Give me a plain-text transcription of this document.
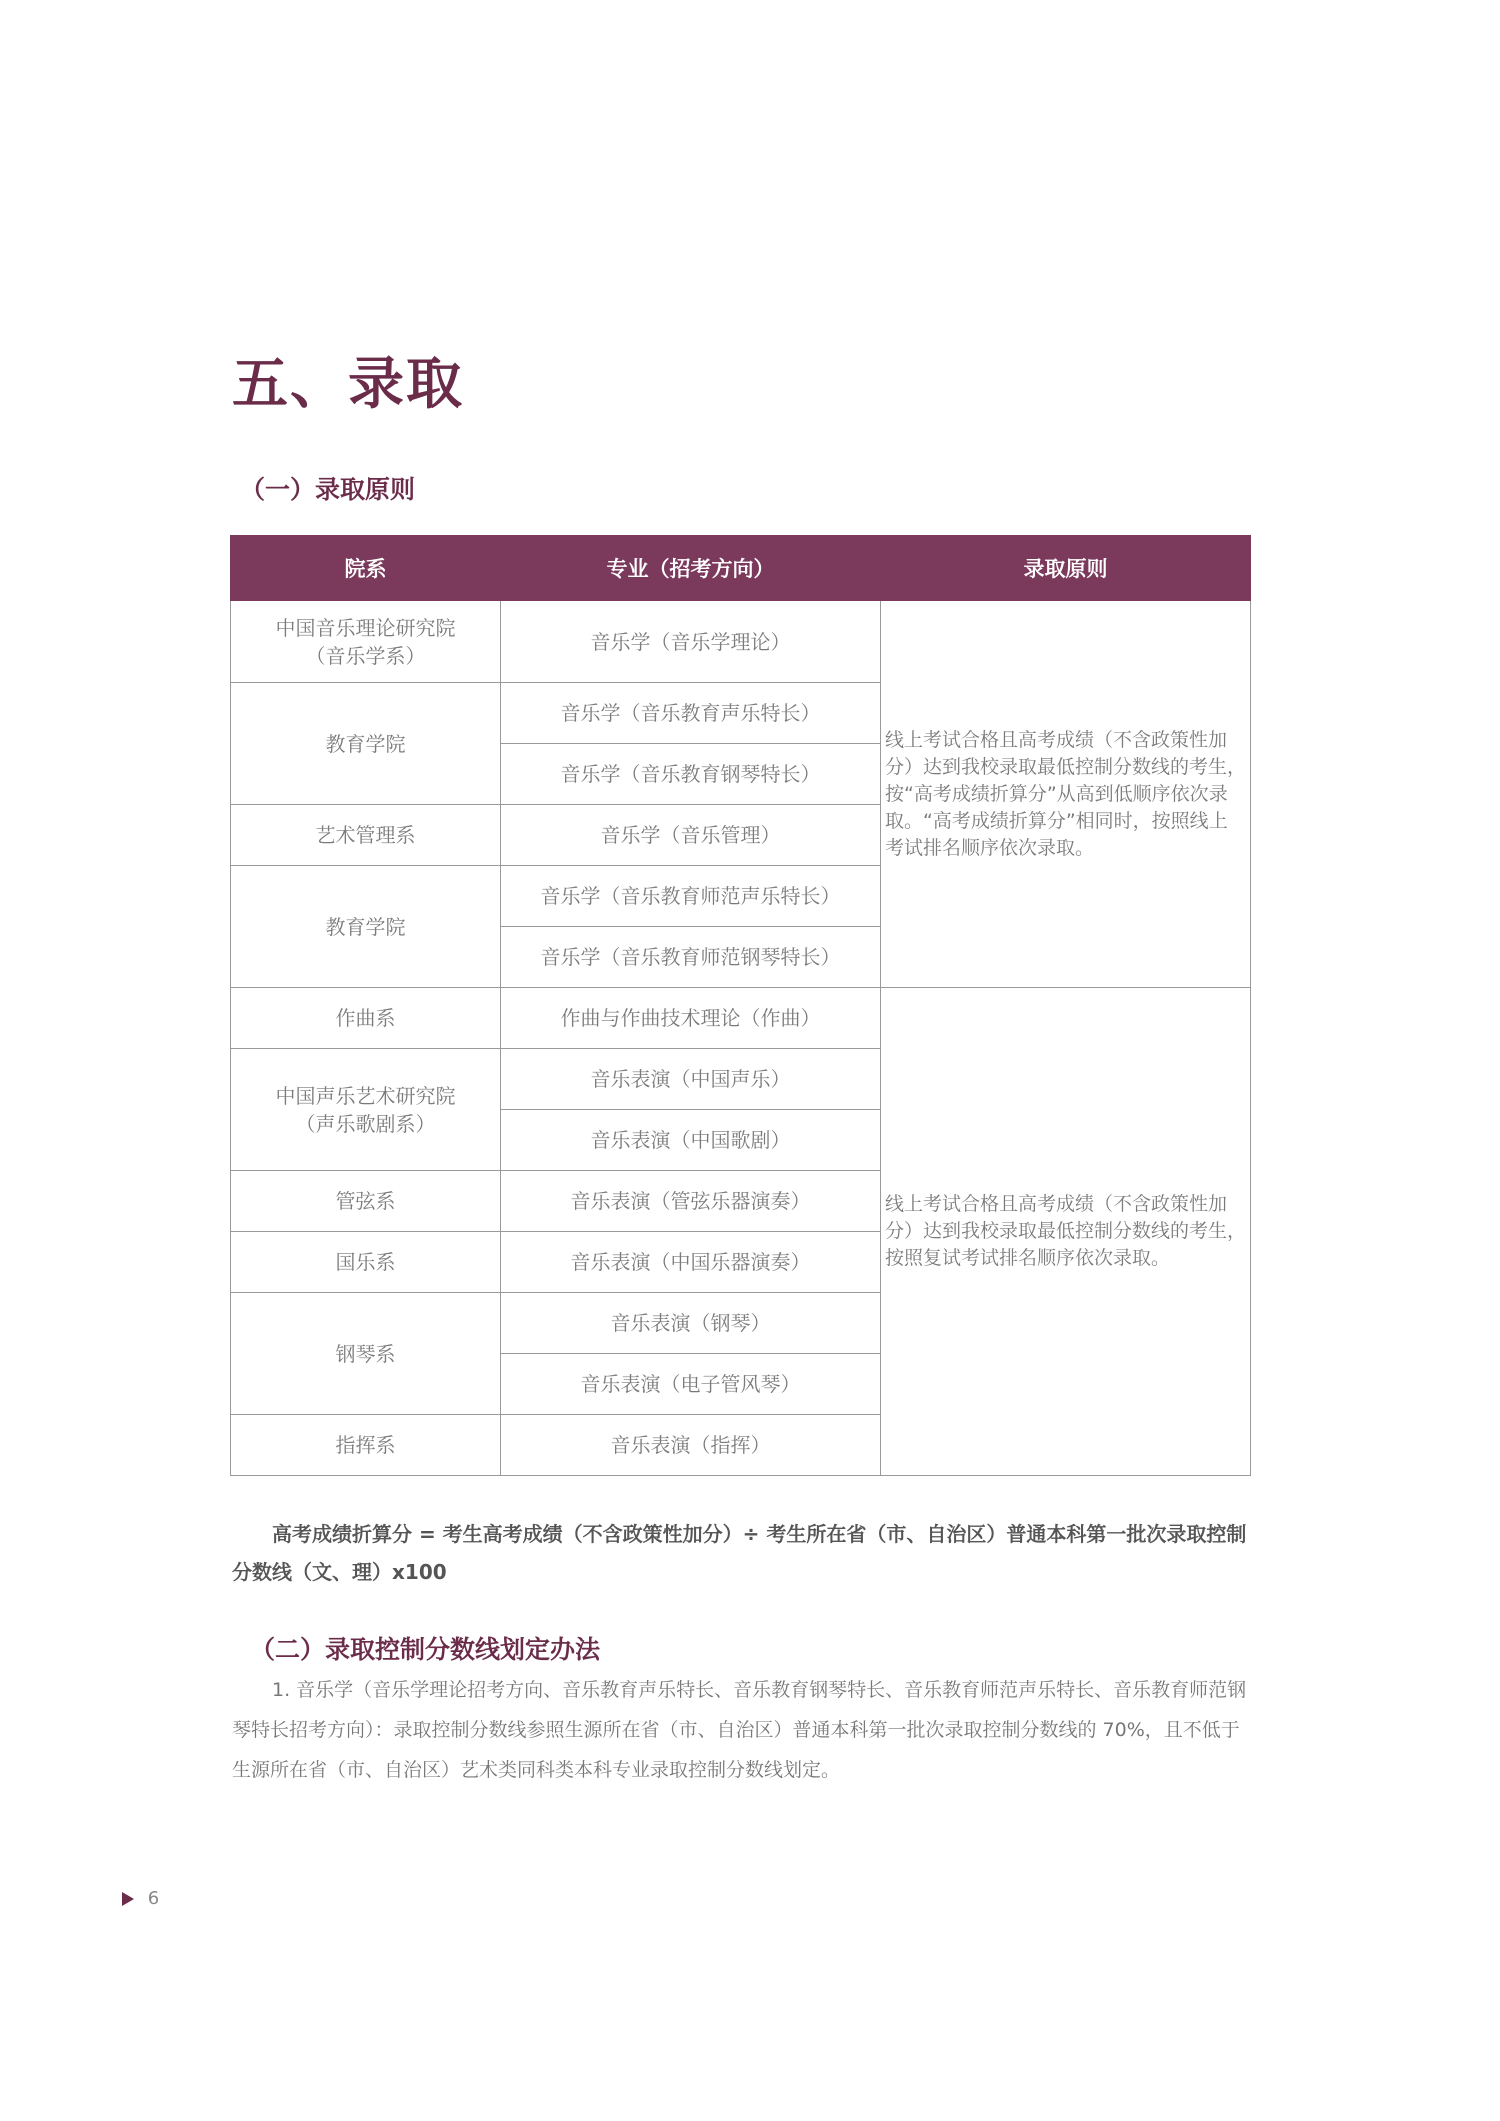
五、录取
（一）录取原则
院系	专业（招考方向）	录取原则

中国音乐理论研究院
（音乐学系）	音乐学（音乐学理论）	线上考试合格且高考成绩（不含政策性加分）达到我校录取最低控制分数线的考生，按“高考成绩折算分”从高到低顺序依次录取。“高考成绩折算分”相同时，按照线上考试排名顺序依次录取。
教育学院	音乐学（音乐教育声乐特长）	
	音乐学（音乐教育钢琴特长）	
艺术管理系	音乐学（音乐管理）	
教育学院	音乐学（音乐教育师范声乐特长）	
	音乐学（音乐教育师范钢琴特长）	
作曲系	作曲与作曲技术理论（作曲）	线上考试合格且高考成绩（不含政策性加分）达到我校录取最低控制分数线的考生，按照复试考试排名顺序依次录取。

中国声乐艺术研究院
（声乐歌剧系）	音乐表演（中国声乐）	
	音乐表演（中国歌剧）	
管弦系	音乐表演（管弦乐器演奏）	
国乐系	音乐表演（中国乐器演奏）	
钢琴系	音乐表演（钢琴）	
	音乐表演（电子管风琴）	
指挥系	音乐表演（指挥）	

高考成绩折算分 = 考生高考成绩（不含政策性加分）÷ 考生所在省（市、自治区）普通本科第一批次录取控制分数线（文、理）x100

（二）录取控制分数线划定办法

1. 音乐学（音乐学理论招考方向、音乐教育声乐特长、音乐教育钢琴特长、音乐教育师范声乐特长、音乐教育师范钢琴特长招考方向）：录取控制分数线参照生源所在省（市、自治区）普通本科第一批次录取控制分数线的 70%，且不低于生源所在省（市、自治区）艺术类同科类本科专业录取控制分数线划定。

6
